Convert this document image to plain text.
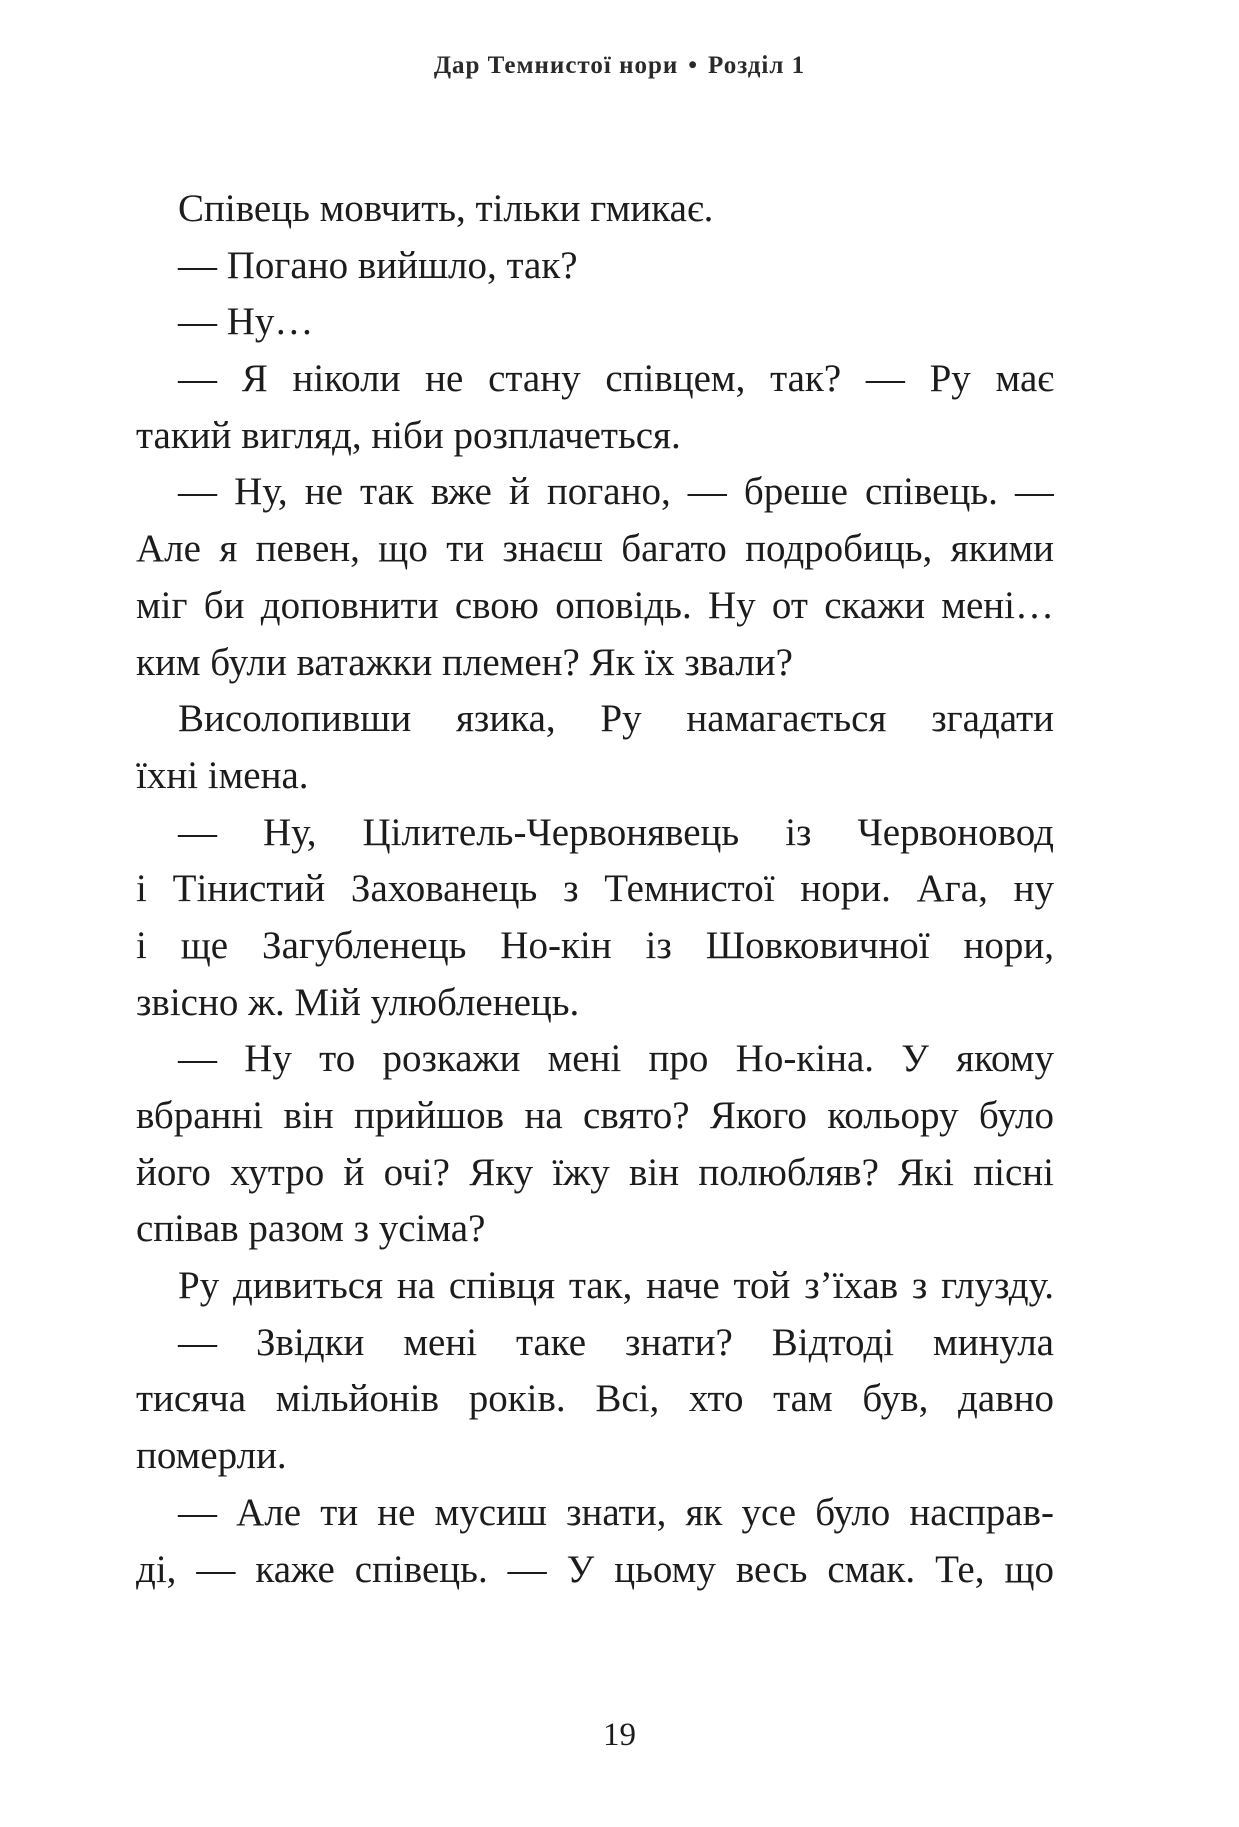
Дар Темнистої нори • Розділ 1
Співець мовчить, тільки гмикає.
— Погано вийшло, так?
— Ну…
— Я ніколи не стану співцем, так? — Ру має
такий вигляд, ніби розплачеться.
— Ну, не так вже й погано, — бреше співець. —
Але я певен, що ти знаєш багато подробиць, якими
міг би доповнити свою оповідь. Ну от скажи мені…
ким були ватажки племен? Як їх звали?
Висолопивши язика, Ру намагається згадати
їхні імена.
— Ну, Цілитель-Червонявець із Червоновод
і Тінистий Захованець з Темнистої нори. Ага, ну
і ще Загубленець Но-кін із Шовковичної нори,
звісно ж. Мій улюбленець.
— Ну то розкажи мені про Но-кіна. У якому
вбранні він прийшов на свято? Якого кольору було
його хутро й очі? Яку їжу він полюбляв? Які пісні
співав разом з усіма?
Ру дивиться на співця так, наче той з’їхав з глузду.
— Звідки мені таке знати? Відтоді минула
тисяча мільйонів років. Всі, хто там був, давно
померли.
— Але ти не мусиш знати, як усе було насправ-
ді, — каже співець. — У цьому весь смак. Те, що
19
